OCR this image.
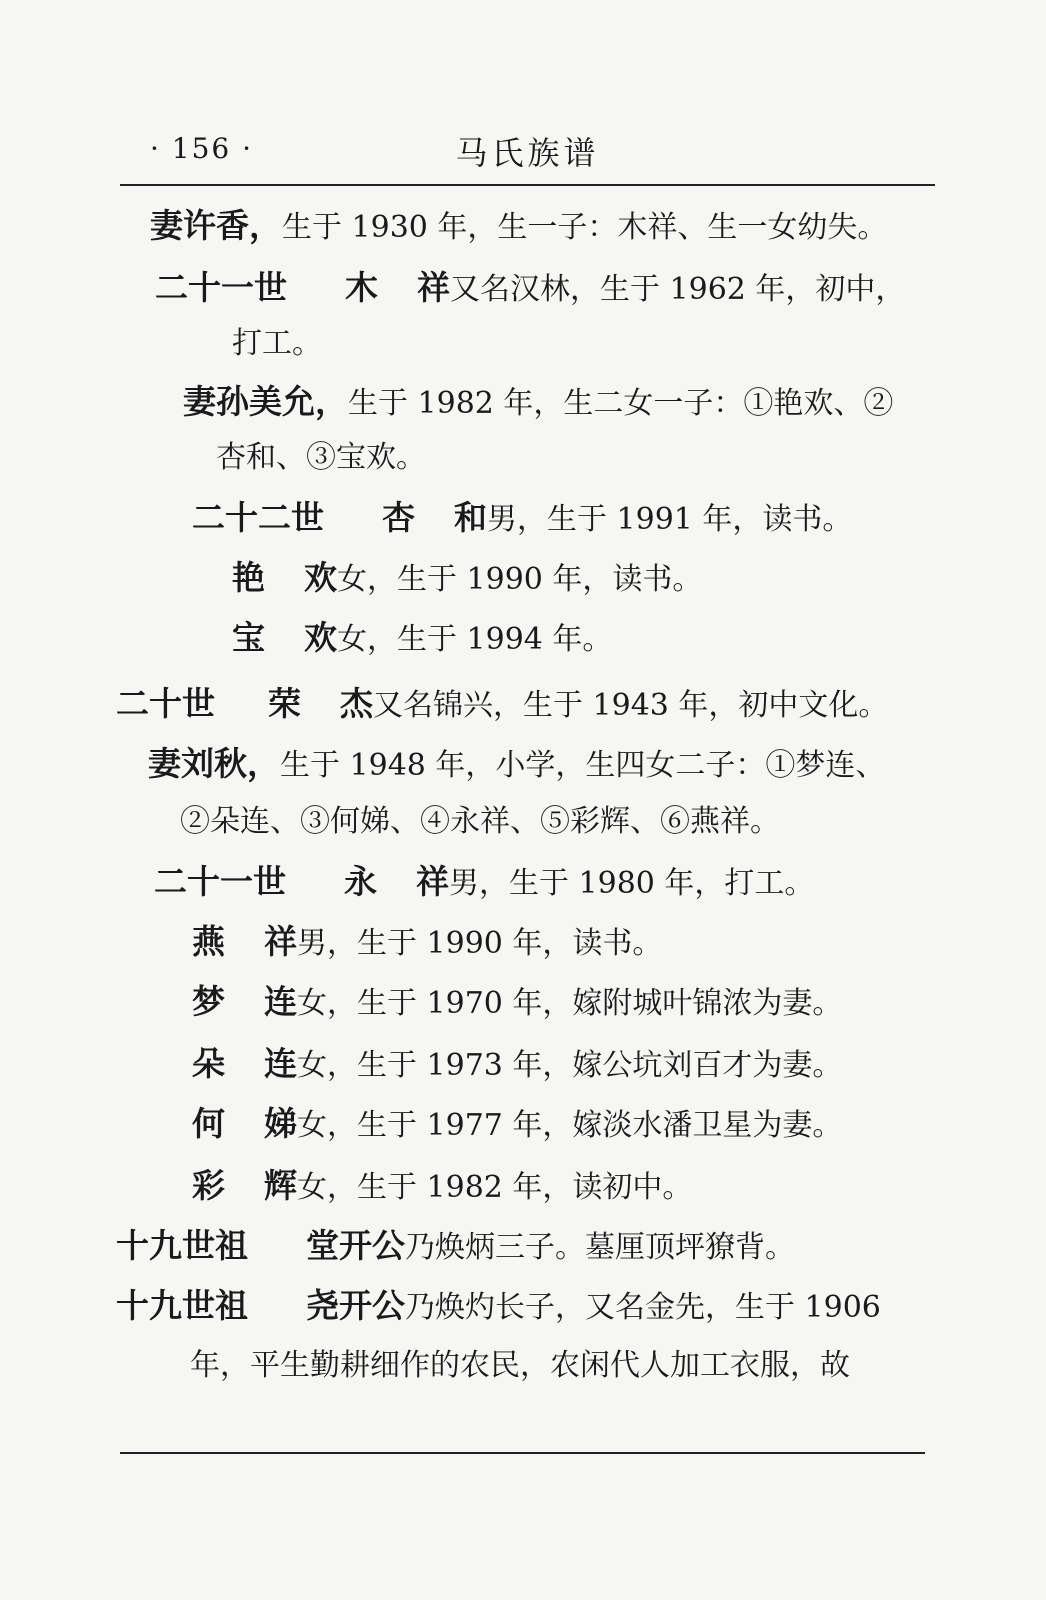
马氏族谱
· 156 ·
妻许香，生于 1930 年，生一子：木祥、生一女幼失。
二十一世 木 祥又名汉林，生于 1962 年，初中，
打工。
妻孙美允，生于 1982 年，生二女一子：①艳欢、②
杏和、③宝欢。
二十二世 杏 和男，生于 1991 年，读书。
艳 欢女，生于 1990 年，读书。
宝 欢女，生于 1994 年。
二十世 荣 杰又名锦兴，生于 1943 年，初中文化。
妻刘秋，生于 1948 年，小学，生四女二子：①梦连、
②朵连、③何娣、④永祥、⑤彩辉、⑥燕祥。
二十一世 永 祥男，生于 1980 年，打工。
燕 祥男，生于 1990 年，读书。
梦 连女，生于 1970 年，嫁附城叶锦浓为妻。
朵 连女，生于 1973 年，嫁公坑刘百才为妻。
何 娣女，生于 1977 年，嫁淡水潘卫星为妻。
彩 辉女，生于 1982 年，读初中。
十九世祖 堂开公乃焕炳三子。墓厘顶坪獠背。
十九世祖 尧开公乃焕灼长子，又名金先，生于 1906
年，平生勤耕细作的农民，农闲代人加工衣服，故
